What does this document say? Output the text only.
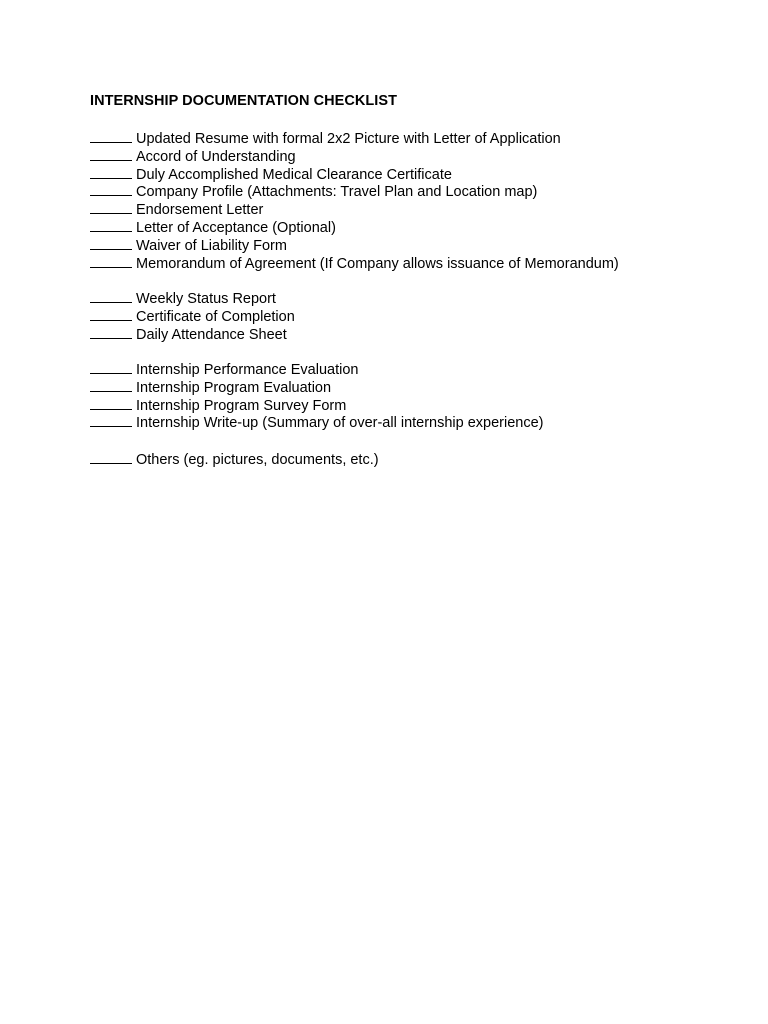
INTERNSHIP DOCUMENTATION CHECKLIST
Updated Resume with formal 2x2 Picture with Letter of Application
Accord of Understanding
Duly Accomplished Medical Clearance Certificate
Company Profile (Attachments: Travel Plan and Location map)
Endorsement Letter
Letter of Acceptance (Optional)
Waiver of Liability Form
Memorandum of Agreement (If Company allows issuance of Memorandum)
Weekly Status Report
Certificate of Completion
Daily Attendance Sheet
Internship Performance Evaluation
Internship Program Evaluation
Internship Program Survey Form
Internship Write-up (Summary of over-all internship experience)
Others (eg. pictures, documents, etc.)
